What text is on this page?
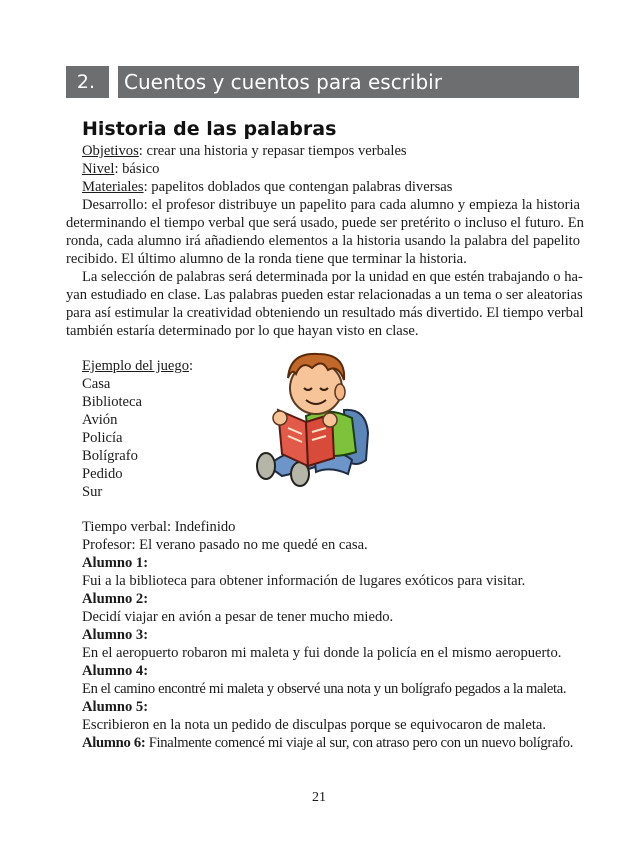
2.	Cuentos y cuentos para escribir
Historia de las palabras
Objetivos: crear una historia y repasar tiempos verbales
Nivel: básico
Materiales: papelitos doblados que contengan palabras diversas
Desarrollo: el profesor distribuye un papelito para cada alumno y empieza la historia
determinando el tiempo verbal que será usado, puede ser pretérito o incluso el futuro. En
ronda, cada alumno irá añadiendo elementos a la historia usando la palabra del papelito
recibido. El último alumno de la ronda tiene que terminar la historia.
La selección de palabras será determinada por la unidad en que estén trabajando o ha-
yan estudiado en clase. Las palabras pueden estar relacionadas a un tema o ser aleatorias
para así estimular la creatividad obteniendo un resultado más divertido. El tiempo verbal
también estaría determinado por lo que hayan visto en clase.
Ejemplo del juego:
Casa
Biblioteca
Avión
Policía
Bolígrafo
Pedido
Sur
Tiempo verbal: Indefinido
Profesor: El verano pasado no me quedé en casa.
Alumno 1:
Fui a la biblioteca para obtener información de lugares exóticos para visitar.
Alumno 2:
Decidí viajar en avión a pesar de tener mucho miedo.
Alumno 3:
En el aeropuerto robaron mi maleta y fui donde la policía en el mismo aeropuerto.
Alumno 4:
En el camino encontré mi maleta y observé una nota y un bolígrafo pegados a la maleta.
Alumno 5:
Escribieron en la nota un pedido de disculpas porque se equivocaron de maleta.
Alumno 6: Finalmente comencé mi viaje al sur, con atraso pero con un nuevo bolígrafo.
21
